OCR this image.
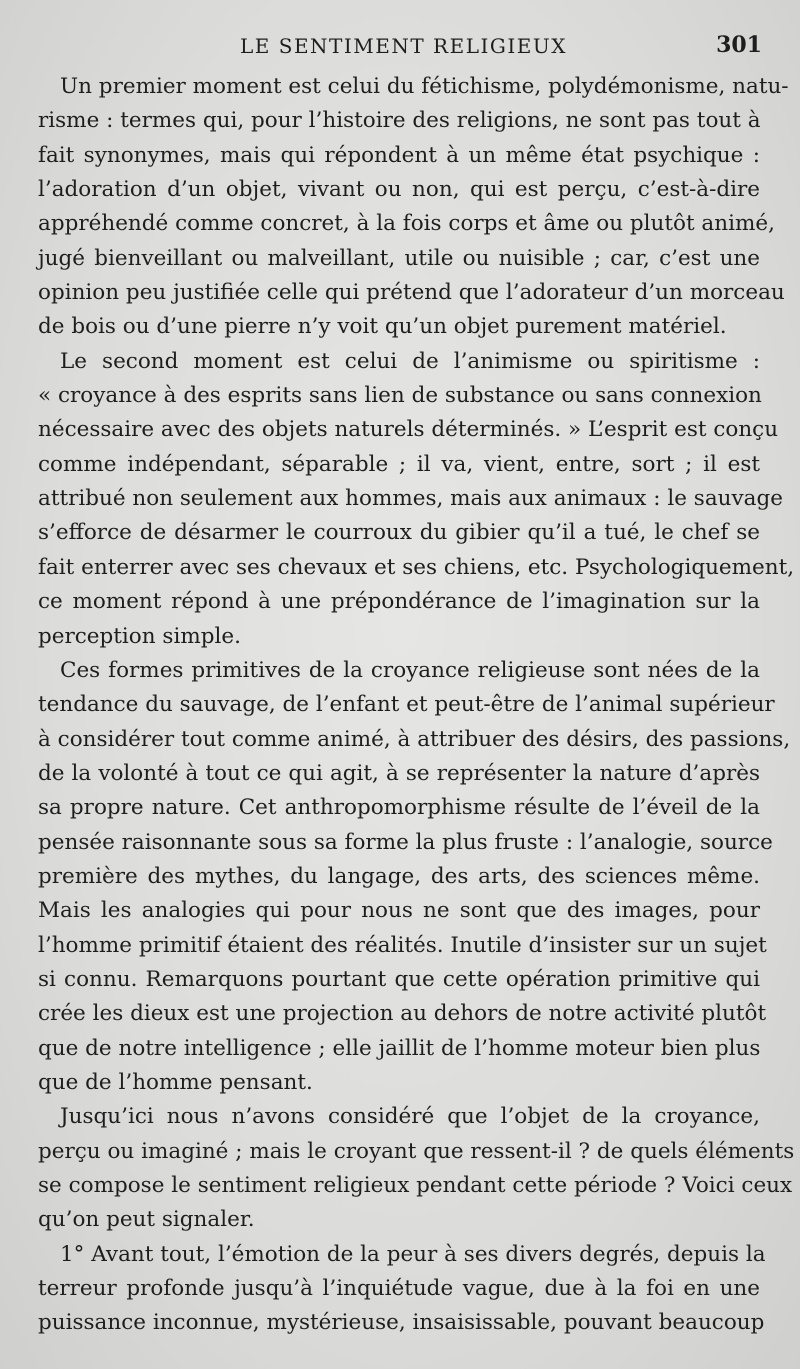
LE SENTIMENT RELIGIEUX	301

Un premier moment est celui du fétichisme, polydémonisme, natu-
risme : termes qui, pour l’histoire des religions, ne sont pas tout à
fait synonymes, mais qui répondent à un même état psychique :
l’adoration d’un objet, vivant ou non, qui est perçu, c’est-à-dire
appréhendé comme concret, à la fois corps et âme ou plutôt animé,
jugé bienveillant ou malveillant, utile ou nuisible ; car, c’est une
opinion peu justifiée celle qui prétend que l’adorateur d’un morceau
de bois ou d’une pierre n’y voit qu’un objet purement matériel.

Le second moment est celui de l’animisme ou spiritisme :
« croyance à des esprits sans lien de substance ou sans connexion
nécessaire avec des objets naturels déterminés. » L’esprit est conçu
comme indépendant, séparable ; il va, vient, entre, sort ; il est
attribué non seulement aux hommes, mais aux animaux : le sauvage
s’efforce de désarmer le courroux du gibier qu’il a tué, le chef se
fait enterrer avec ses chevaux et ses chiens, etc. Psychologiquement,
ce moment répond à une prépondérance de l’imagination sur la
perception simple.

Ces formes primitives de la croyance religieuse sont nées de la
tendance du sauvage, de l’enfant et peut-être de l’animal supérieur
à considérer tout comme animé, à attribuer des désirs, des passions,
de la volonté à tout ce qui agit, à se représenter la nature d’après
sa propre nature. Cet anthropomorphisme résulte de l’éveil de la
pensée raisonnante sous sa forme la plus fruste : l’analogie, source
première des mythes, du langage, des arts, des sciences même.
Mais les analogies qui pour nous ne sont que des images, pour
l’homme primitif étaient des réalités. Inutile d’insister sur un sujet
si connu. Remarquons pourtant que cette opération primitive qui
crée les dieux est une projection au dehors de notre activité plutôt
que de notre intelligence ; elle jaillit de l’homme moteur bien plus
que de l’homme pensant.

Jusqu’ici nous n’avons considéré que l’objet de la croyance,
perçu ou imaginé ; mais le croyant que ressent-il ? de quels éléments
se compose le sentiment religieux pendant cette période ? Voici ceux
qu’on peut signaler.

1° Avant tout, l’émotion de la peur à ses divers degrés, depuis la
terreur profonde jusqu’à l’inquiétude vague, due à la foi en une
puissance inconnue, mystérieuse, insaisissable, pouvant beaucoup
